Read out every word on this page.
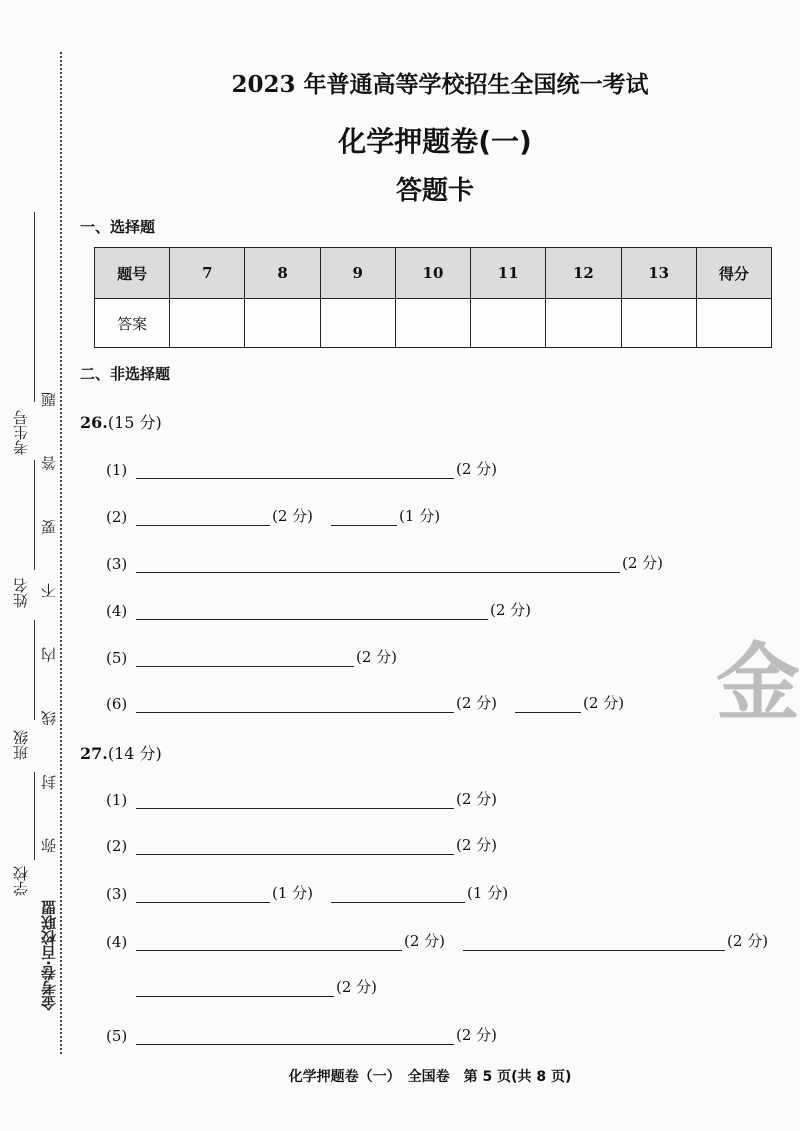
弥 封 线 内 不 要 答 题
考生号
姓名
班级
学校
金考卷·百校联盟
2023 年普通高等学校招生全国统一考试
化学押题卷(一)
答题卡
一、选择题
题号	7	8	9	10	11	12	13	得分
答案								
二、非选择题
26.(15 分)
(1)	(2 分)
(2)	(2 分)	(1 分)
(3)	(2 分)
(4)	(2 分)
(5)	(2 分)
(6)	(2 分)	(2 分)
27.(14 分)
(1)	(2 分)
(2)	(2 分)
(3)	(1 分)	(1 分)
(4)	(2 分)	(2 分)
(2 分)
(5)	(2 分)
金
化学押题卷（一）　全国卷　第 5 页(共 8 页)
